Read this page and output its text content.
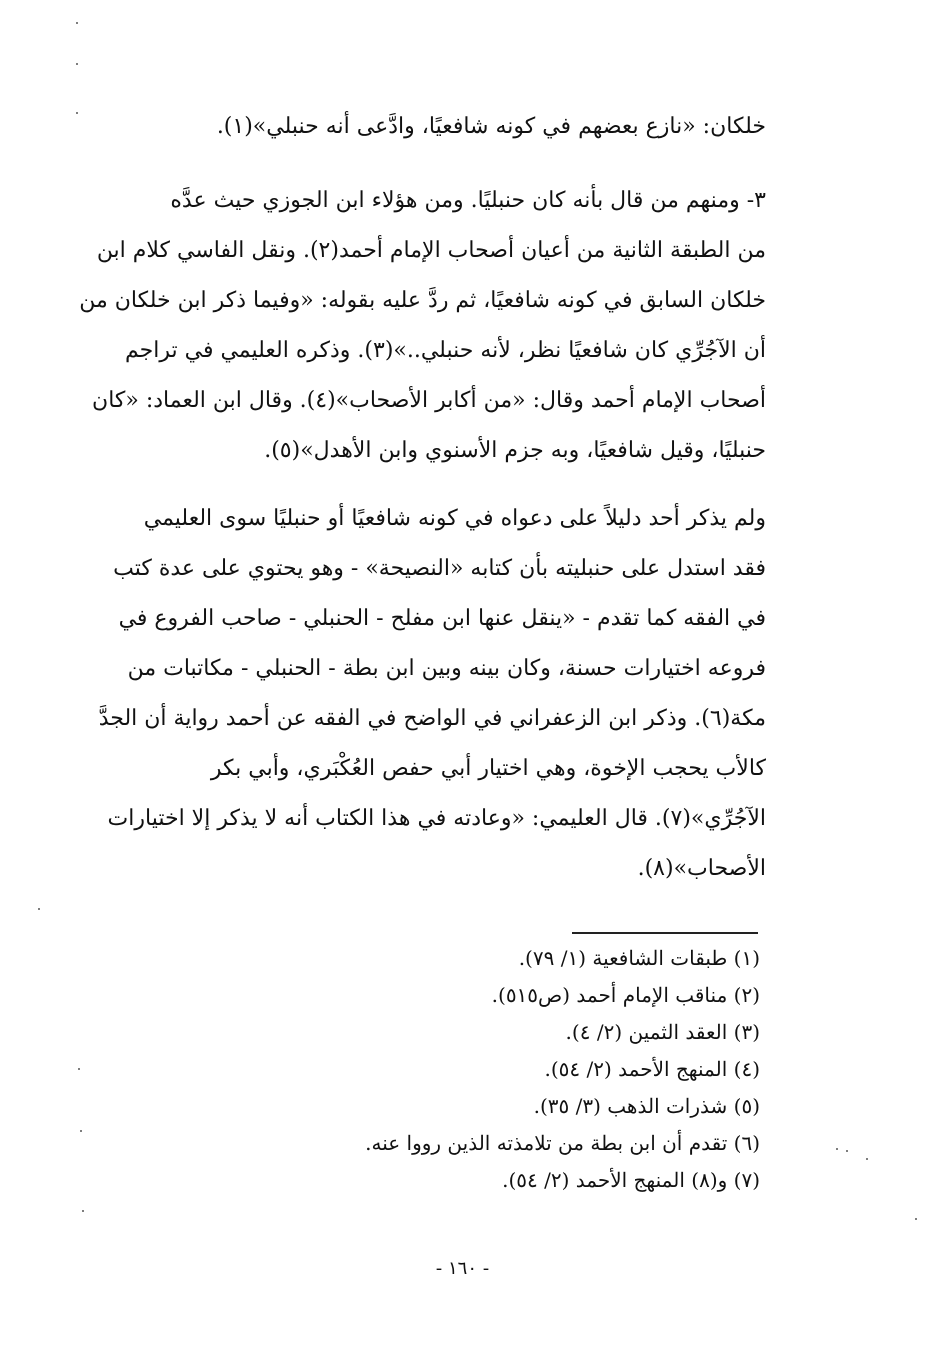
خلكان: «نازع بعضهم في كونه شافعيًا، وادَّعى أنه حنبلي»(١).
٣- ومنهم من قال بأنه كان حنبليًا. ومن هؤلاء ابن الجوزي حيث عدَّه
من الطبقة الثانية من أعيان أصحاب الإمام أحمد(٢). ونقل الفاسي كلام ابن
خلكان السابق في كونه شافعيًا، ثم ردَّ عليه بقوله: «وفيما ذكر ابن خلكان من
أن الآجُرِّي كان شافعيًا نظر، لأنه حنبلي..»(٣). وذكره العليمي في تراجم
أصحاب الإمام أحمد وقال: «من أكابر الأصحاب»(٤). وقال ابن العماد: «كان
حنبليًا، وقيل شافعيًا، وبه جزم الأسنوي وابن الأهدل»(٥).
ولم يذكر أحد دليلاً على دعواه في كونه شافعيًا أو حنبليًا سوى العليمي
فقد استدل على حنبليته بأن كتابه «النصيحة» - وهو يحتوي على عدة كتب
في الفقه كما تقدم - «ينقل عنها ابن مفلح - الحنبلي - صاحب الفروع في
فروعه اختيارات حسنة، وكان بينه وبين ابن بطة - الحنبلي - مكاتبات من
مكة(٦). وذكر ابن الزعفراني في الواضح في الفقه عن أحمد رواية أن الجدَّ
كالأب يحجب الإخوة، وهي اختيار أبي حفص العُكْبَري، وأبي بكر
الآجُرِّي»(٧). قال العليمي: «وعادته في هذا الكتاب أنه لا يذكر إلا اختيارات
الأصحاب»(٨).
(١) طبقات الشافعية (١/ ٧٩).
(٢) مناقب الإمام أحمد (ص٥١٥).
(٣) العقد الثمين (٢/ ٤).
(٤) المنهج الأحمد (٢/ ٥٤).
(٥) شذرات الذهب (٣/ ٣٥).
(٦) تقدم أن ابن بطة من تلامذته الذين رووا عنه.
(٧) و(٨) المنهج الأحمد (٢/ ٥٤).
- ١٦٠ -
